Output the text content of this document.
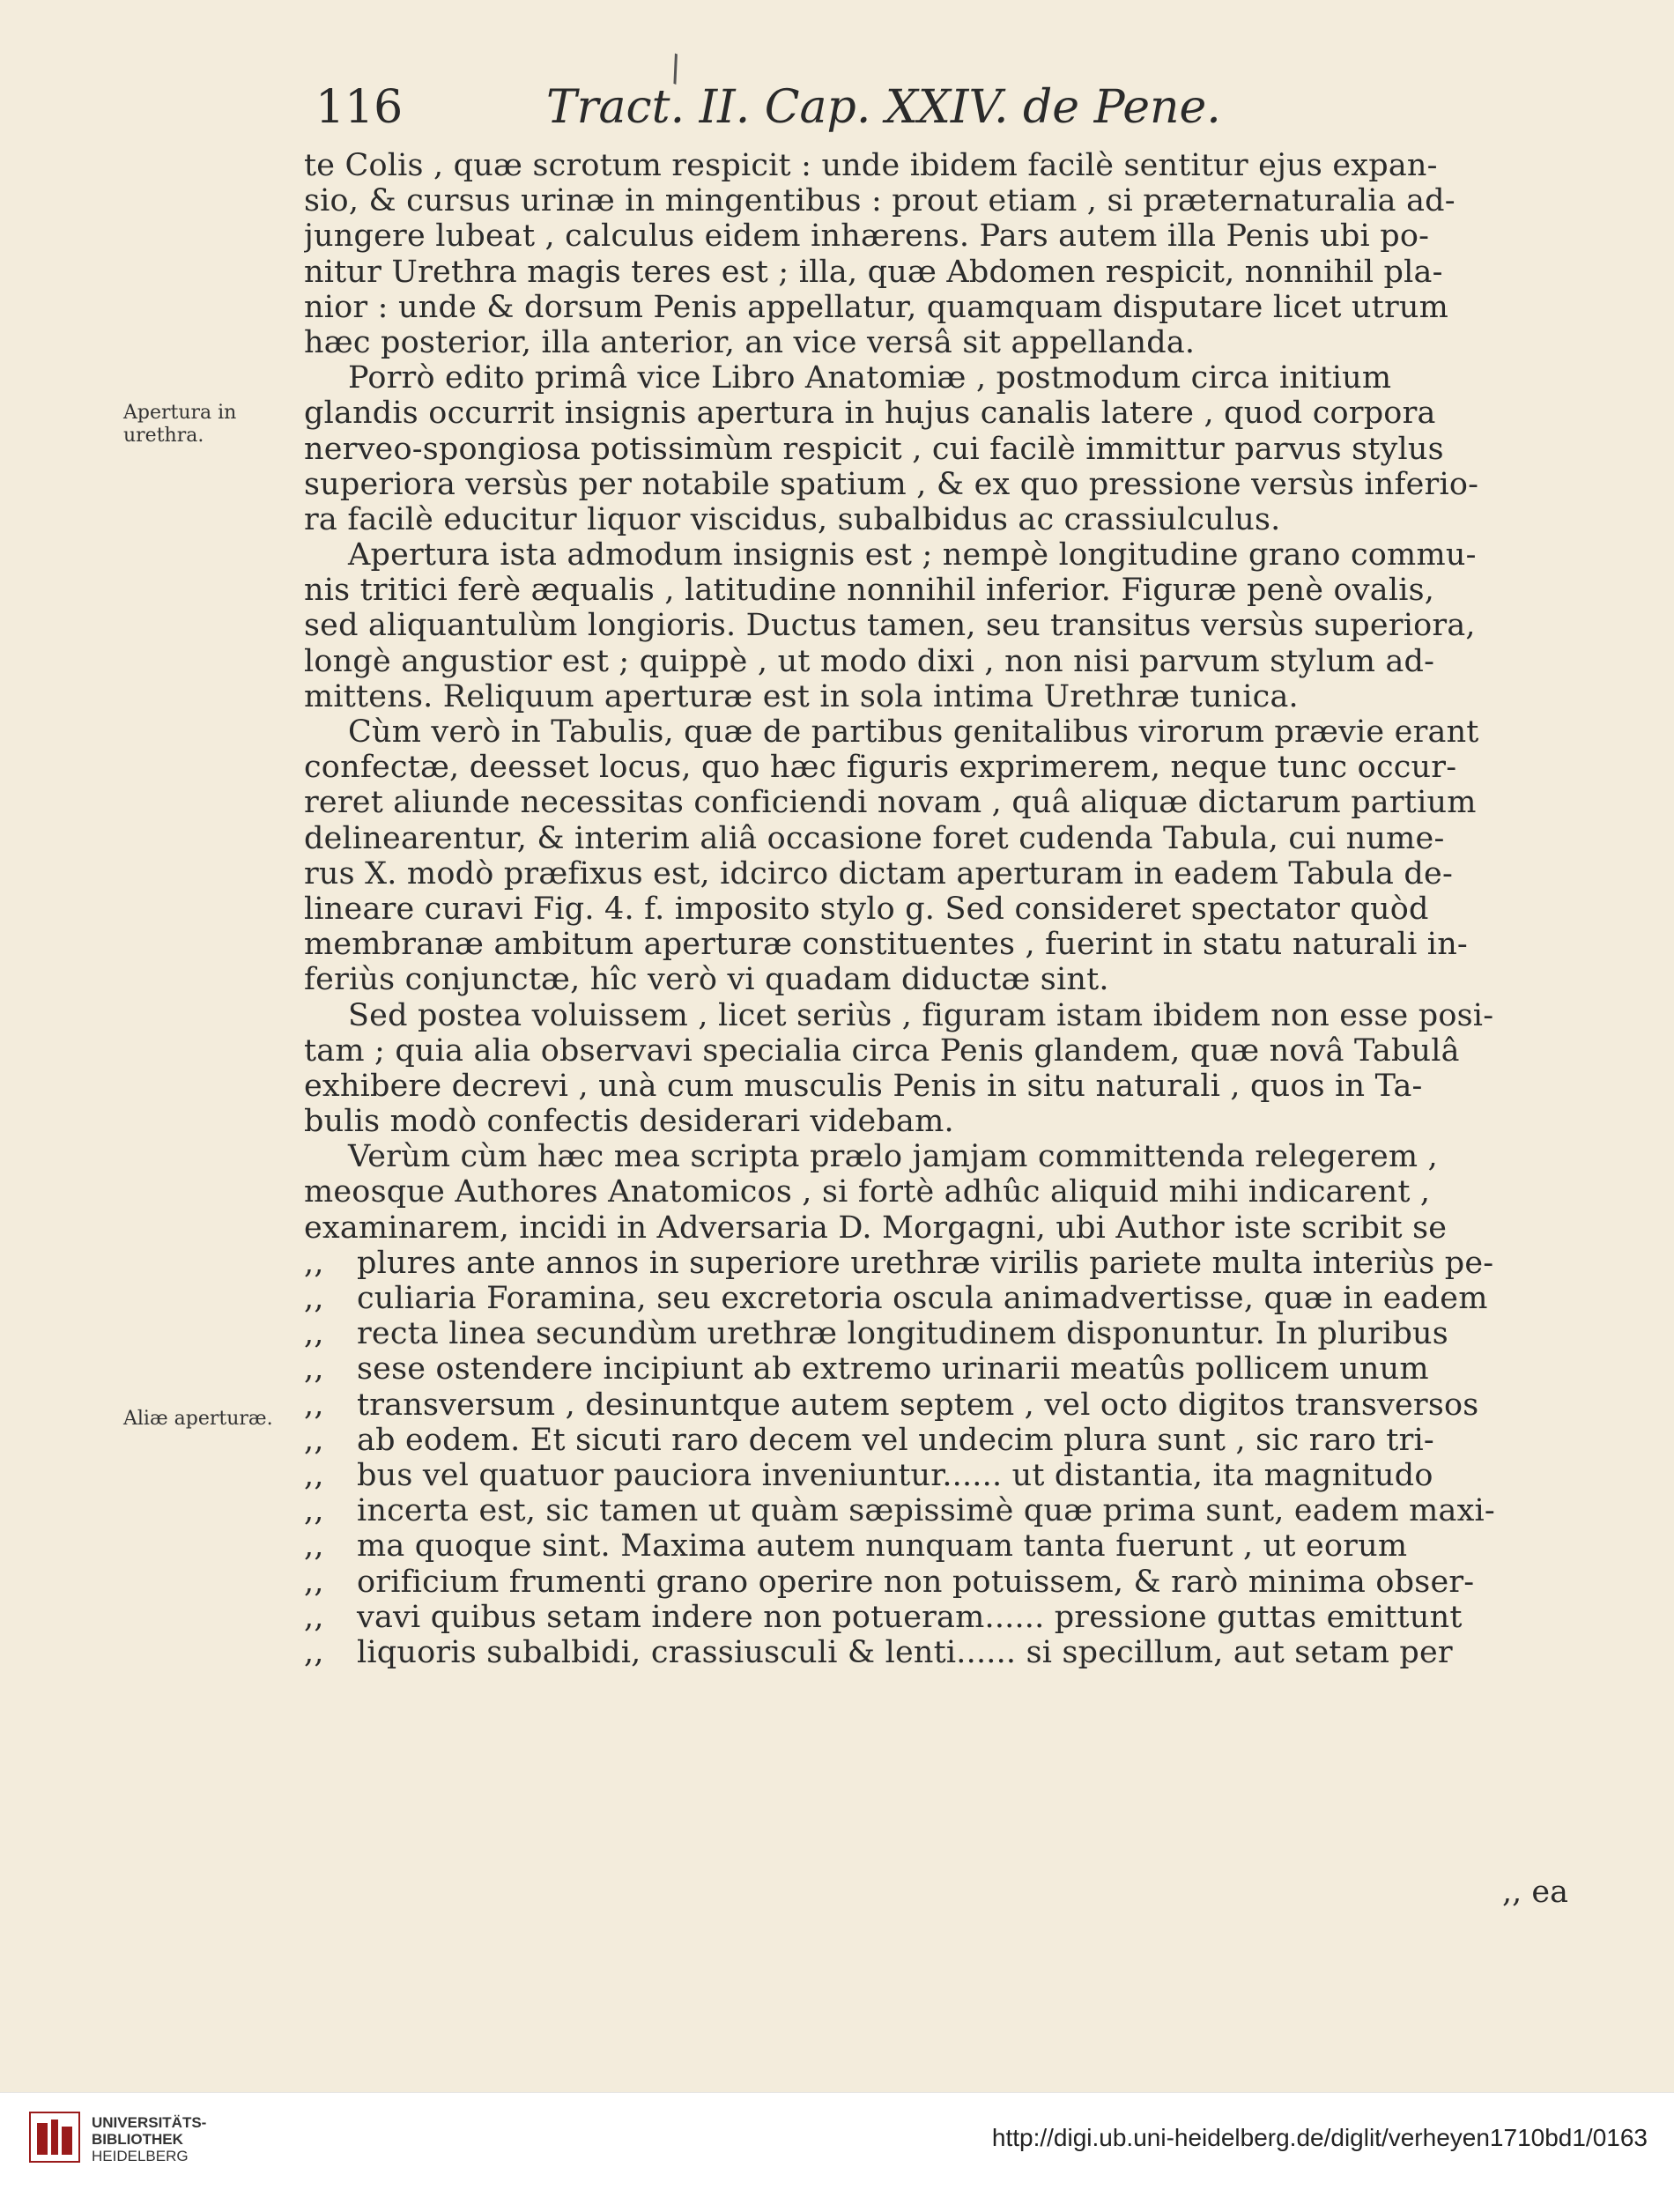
\
116	Tract. II. Cap. XXIV. de Pene.
Apertura in urethra.
Aliæ aperturæ.
te Colis , quæ scrotum respicit : unde ibidem facilè sentitur ejus expan-
sio, & cursus urinæ in mingentibus : prout etiam , si præternaturalia ad-
jungere lubeat , calculus eidem inhærens. Pars autem illa Penis ubi po-
nitur Urethra magis teres est ; illa, quæ Abdomen respicit, nonnihil pla-
nior : unde & dorsum Penis appellatur, quamquam disputare licet utrum
hæc posterior, illa anterior, an vice versâ sit appellanda.
Porrò edito primâ vice Libro Anatomiæ , postmodum circa initium
glandis occurrit insignis apertura in hujus canalis latere , quod corpora
nerveo-spongiosa potissimùm respicit , cui facilè immittur parvus stylus
superiora versùs per notabile spatium , & ex quo pressione versùs inferio-
ra facilè educitur liquor viscidus, subalbidus ac crassiulculus.
Apertura ista admodum insignis est ; nempè longitudine grano commu-
nis tritici ferè æqualis , latitudine nonnihil inferior. Figuræ penè ovalis,
sed aliquantulùm longioris. Ductus tamen, seu transitus versùs superiora,
longè angustior est ; quippè , ut modo dixi , non nisi parvum stylum ad-
mittens. Reliquum aperturæ est in sola intima Urethræ tunica.
Cùm verò in Tabulis, quæ de partibus genitalibus virorum prævie erant
confectæ, deesset locus, quo hæc figuris exprimerem, neque tunc occur-
reret aliunde necessitas conficiendi novam , quâ aliquæ dictarum partium
delinearentur, & interim aliâ occasione foret cudenda Tabula, cui nume-
rus X. modò præfixus est, idcirco dictam aperturam in eadem Tabula de-
lineare curavi Fig. 4. f. imposito stylo g. Sed consideret spectator quòd
membranæ ambitum aperturæ constituentes , fuerint in statu naturali in-
feriùs conjunctæ, hîc verò vi quadam diductæ sint.
Sed postea voluissem , licet seriùs , figuram istam ibidem non esse posi-
tam ; quia alia observavi specialia circa Penis glandem, quæ novâ Tabulâ
exhibere decrevi , unà cum musculis Penis in situ naturali , quos in Ta-
bulis modò confectis desiderari videbam.
Verùm cùm hæc mea scripta prælo jamjam committenda relegerem ,
meosque Authores Anatomicos , si fortè adhûc aliquid mihi indicarent ,
examinarem, incidi in Adversaria D. Morgagni, ubi Author iste scribit se
,, plures ante annos in superiore urethræ virilis pariete multa interiùs pe-
,, culiaria Foramina, seu excretoria oscula animadvertisse, quæ in eadem
,, recta linea secundùm urethræ longitudinem disponuntur. In pluribus
,, sese ostendere incipiunt ab extremo urinarii meatûs pollicem unum
,, transversum , desinuntque autem septem , vel octo digitos transversos
,, ab eodem. Et sicuti raro decem vel undecim plura sunt , sic raro tri-
,, bus vel quatuor pauciora inveniuntur...... ut distantia, ita magnitudo
,, incerta est, sic tamen ut quàm sæpissimè quæ prima sunt, eadem maxi-
,, ma quoque sint. Maxima autem nunquam tanta fuerunt , ut eorum
,, orificium frumenti grano operire non potuissem, & rarò minima obser-
,, vavi quibus setam indere non potueram...... pressione guttas emittunt
,, liquoris subalbidi, crassiusculi & lenti...... si specillum, aut setam per
,, ea
UNIVERSITÄTS-
BIBLIOTHEK
HEIDELBERG
http://digi.ub.uni-heidelberg.de/diglit/verheyen1710bd1/0163
